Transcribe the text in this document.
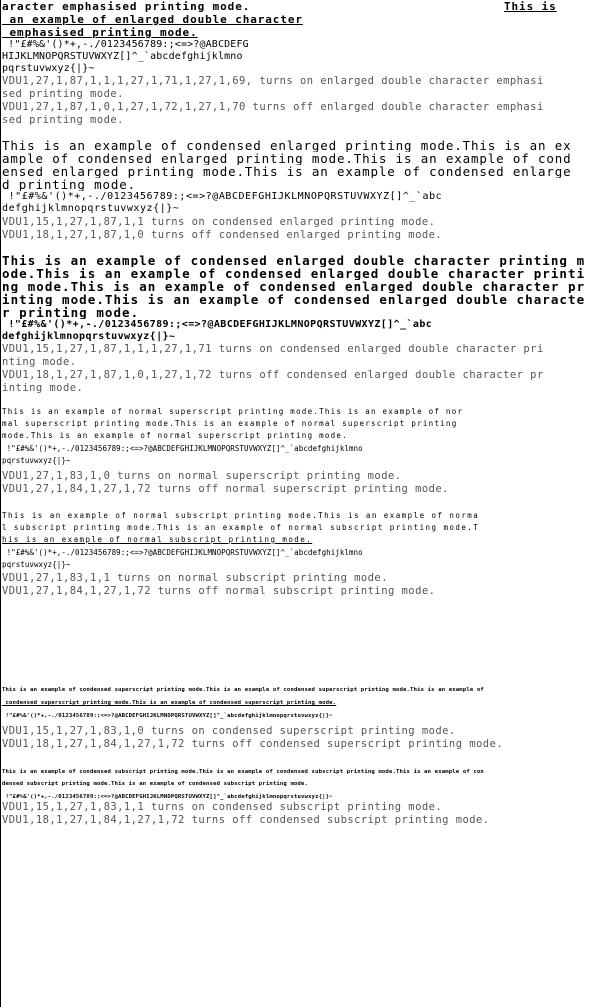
aracter emphasised printing mode.	This is
an example of enlarged double character
emphasised printing mode.
!"£#%&'()*+,-./0123456789:;<=>?@ABCDEFG
HIJKLMNOPQRSTUVWXYZ[]^_`abcdefghijklmno
pqrstuvwxyz{|}~
VDU1,27,1,87,1,1,1,27,1,71,1,27,1,69, turns on enlarged double character emphasi
sed printing mode.
VDU1,27,1,87,1,0,1,27,1,72,1,27,1,70 turns off enlarged double character emphasi
sed printing mode.
This is an example of condensed enlarged printing mode.This is an ex
ample of condensed enlarged printing mode.This is an example of cond
ensed enlarged printing mode.This is an example of condensed enlarge
d printing mode.
!"£#%&'()*+,-./0123456789:;<=>?@ABCDEFGHIJKLMNOPQRSTUVWXYZ[]^_`abc
defghijklmnopqrstuvwxyz{|}~
VDU1,15,1,27,1,87,1,1 turns on condensed enlarged printing mode.
VDU1,18,1,27,1,87,1,0 turns off condensed enlarged printing mode.
This is an example of condensed enlarged double character printing m
ode.This is an example of condensed enlarged double character printi
ng mode.This is an example of condensed enlarged double character pr
inting mode.This is an example of condensed enlarged double characte
r printing mode.
!"£#%&'()*+,-./0123456789:;<=>?@ABCDEFGHIJKLMNOPQRSTUVWXYZ[]^_`abc
defghijklmnopqrstuvwxyz{|}~
VDU1,15,1,27,1,87,1,1,1,27,1,71 turns on condensed enlarged double character pri
nting mode.
VDU1,18,1,27,1,87,1,0,1,27,1,72 turns off condensed enlarged double character pr
inting mode.
This is an example of normal superscript printing mode.This is an example of nor
mal superscript printing mode.This is an example of normal superscript printing
mode.This is an example of normal superscript printing mode.
!"£#%&'()*+,-./0123456789:;<=>?@ABCDEFGHIJKLMNOPQRSTUVWXYZ[]^_`abcdefghijklmno
pqrstuvwxyz{|}~
VDU1,27,1,83,1,0 turns on normal superscript printing mode.
VDU1,27,1,84,1,27,1,72 turns off normal superscript printing mode.
This is an example of normal subscript printing mode.This is an example of norma
l subscript printing mode.This is an example of normal subscript printing mode.T
his is an example of normal subscript printing mode.
!"£#%&'()*+,-./0123456789:;<=>?@ABCDEFGHIJKLMNOPQRSTUVWXYZ[]^_`abcdefghijklmno
pqrstuvwxyz{|}~
VDU1,27,1,83,1,1 turns on normal subscript printing mode.
VDU1,27,1,84,1,27,1,72 turns off normal subscript printing mode.
This is an example of condensed superscript printing mode.This is an example of condensed superscript printing mode.This is an example of
condensed superscript printing mode.This is an example of condensed superscript printing mode.
!"£#%&'()*+,-./0123456789:;<=>?@ABCDEFGHIJKLMNOPQRSTUVWXYZ[]^_`abcdefghijklmnopqrstuvwxyz{|}~
VDU1,15,1,27,1,83,1,0 turns on condensed superscript printing mode.
VDU1,18,1,27,1,84,1,27,1,72 turns off condensed superscript printing mode.
This is an example of condensed subscript printing mode.This is an example of condensed subscript printing mode.This is an example of con
densed subscript printing mode.This is an example of condensed subscript printing mode.
!"£#%&'()*+,-./0123456789:;<=>?@ABCDEFGHIJKLMNOPQRSTUVWXYZ[]^_`abcdefghijklmnopqrstuvwxyz{|}~
VDU1,15,1,27,1,83,1,1 turns on condensed subscript printing mode.
VDU1,18,1,27,1,84,1,27,1,72 turns off condensed subscript printing mode.
